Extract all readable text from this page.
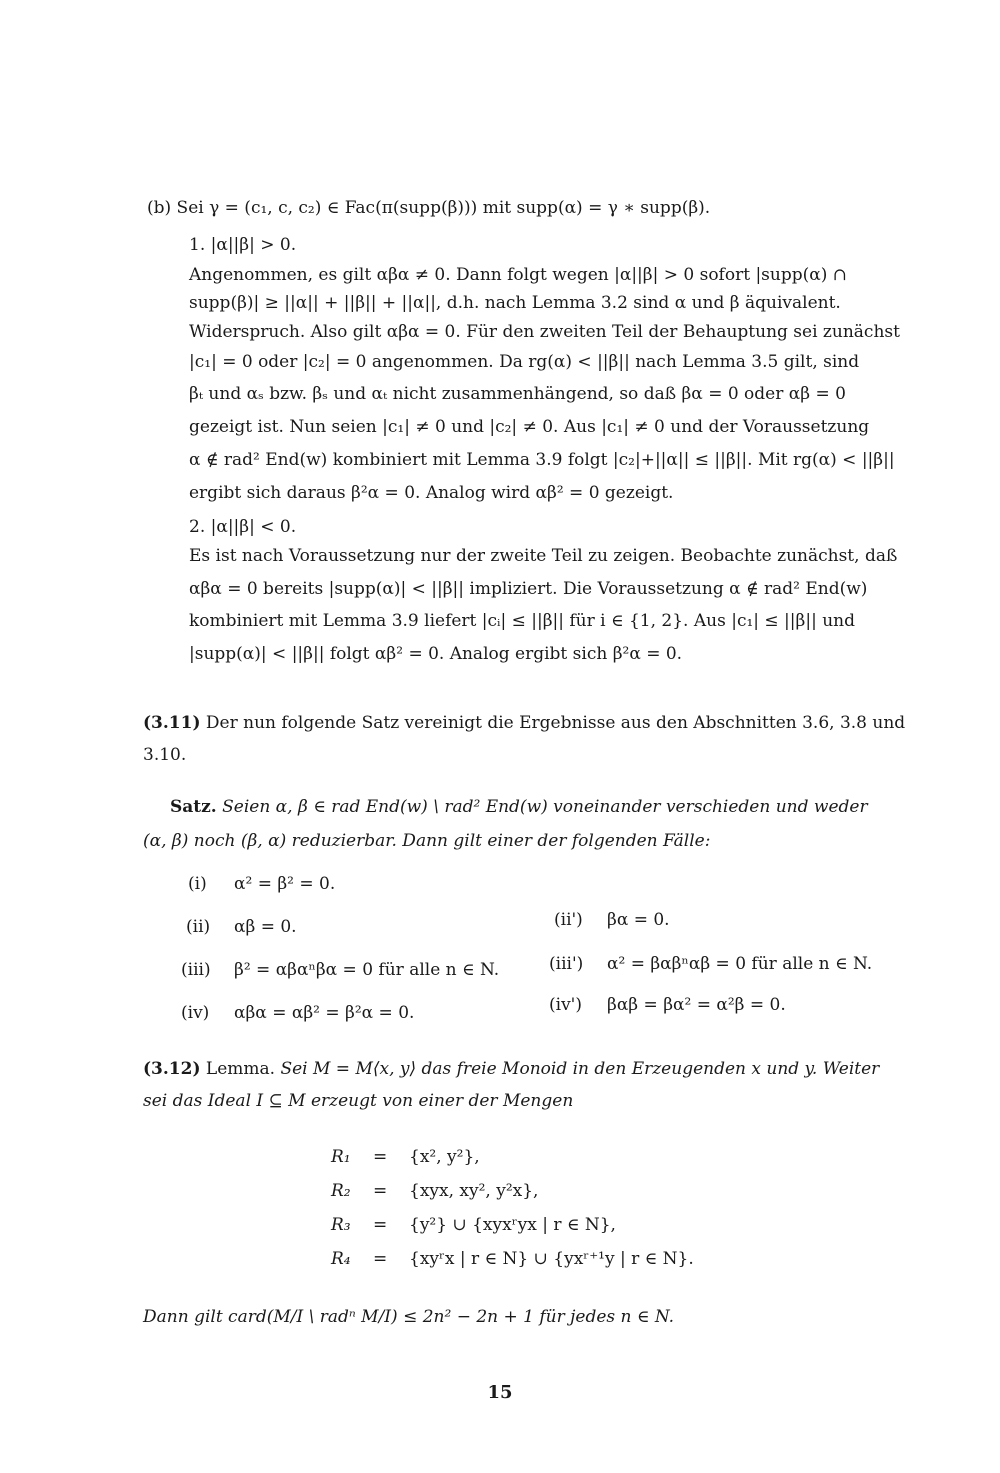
(b) Sei γ = (c₁, c, c₂) ∈ Fac(π(supp(β))) mit supp(α) = γ ∗ supp(β).
1. |α||β| > 0.
Angenommen, es gilt αβα ≠ 0. Dann folgt wegen |α||β| > 0 sofort |supp(α) ∩
supp(β)| ≥ ||α|| + ||β|| + ||α||, d.h. nach Lemma 3.2 sind α und β äquivalent.
Widerspruch. Also gilt αβα = 0. Für den zweiten Teil der Behauptung sei zunächst
|c₁| = 0 oder |c₂| = 0 angenommen. Da rg(α) < ||β|| nach Lemma 3.5 gilt, sind
βₜ und αₛ bzw. βₛ und αₜ nicht zusammenhängend, so daß βα = 0 oder αβ = 0
gezeigt ist. Nun seien |c₁| ≠ 0 und |c₂| ≠ 0. Aus |c₁| ≠ 0 und der Voraussetzung
α ∉ rad² End(w) kombiniert mit Lemma 3.9 folgt |c₂|+||α|| ≤ ||β||. Mit rg(α) < ||β||
ergibt sich daraus β²α = 0. Analog wird αβ² = 0 gezeigt.
2. |α||β| < 0.
Es ist nach Voraussetzung nur der zweite Teil zu zeigen. Beobachte zunächst, daß
αβα = 0 bereits |supp(α)| < ||β|| impliziert. Die Voraussetzung α ∉ rad² End(w)
kombiniert mit Lemma 3.9 liefert |cᵢ| ≤ ||β|| für i ∈ {1, 2}. Aus |c₁| ≤ ||β|| und
|supp(α)| < ||β|| folgt αβ² = 0. Analog ergibt sich β²α = 0.
(3.11) Der nun folgende Satz vereinigt die Ergebnisse aus den Abschnitten 3.6, 3.8 und
3.10.
Satz. Seien α, β ∈ rad End(w) \ rad² End(w) voneinander verschieden und weder
(α, β) noch (β, α) reduzierbar. Dann gilt einer der folgenden Fälle:
(i) α² = β² = 0.
(ii) αβ = 0.	(ii') βα = 0.
(iii) β² = αβαⁿβα = 0 für alle n ∈ N.	(iii') α² = βαβⁿαβ = 0 für alle n ∈ N.
(iv) αβα = αβ² = β²α = 0.	(iv') βαβ = βα² = α²β = 0.
(3.12) Lemma. Sei M = M⟨x, y⟩ das freie Monoid in den Erzeugenden x und y. Weiter
sei das Ideal I ⊆ M erzeugt von einer der Mengen
R₁ = {x², y²},
R₂ = {xyx, xy², y²x},
R₃ = {y²} ∪ {xyxʳyx | r ∈ N},
R₄ = {xyʳx | r ∈ N} ∪ {yxʳ⁺¹y | r ∈ N}.
Dann gilt card(M/I \ radⁿ M/I) ≤ 2n² − 2n + 1 für jedes n ∈ N.
15
